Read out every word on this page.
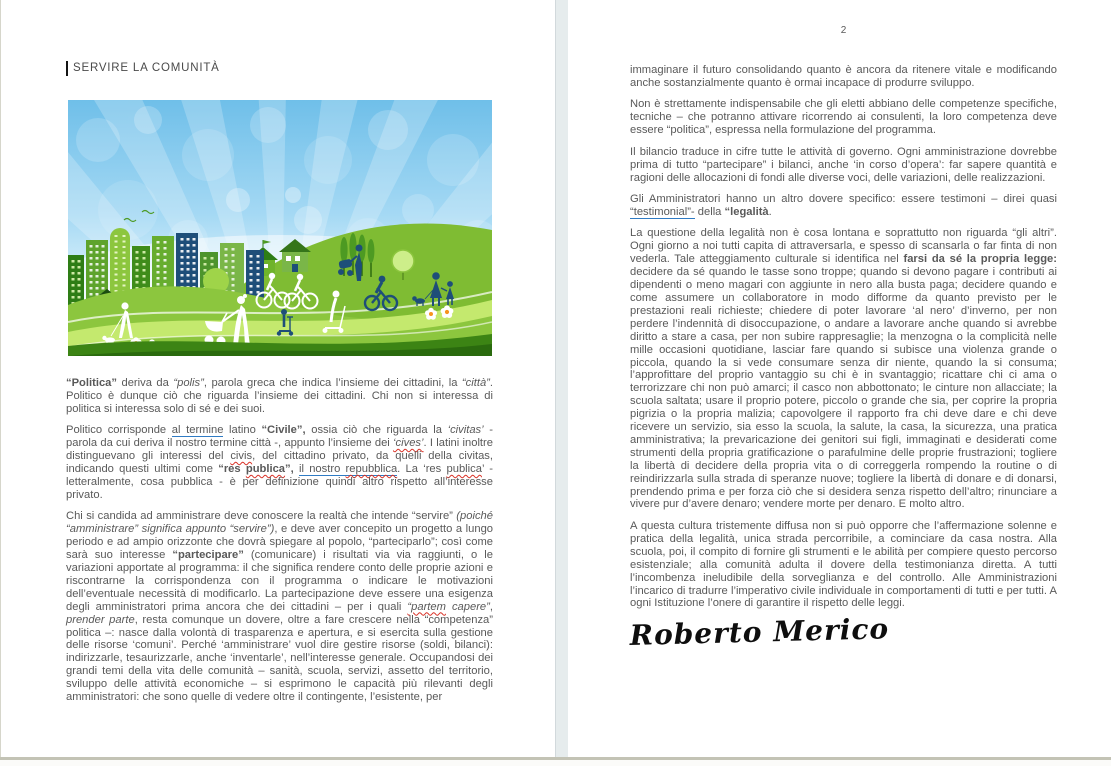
SERVIRE LA COMUNITÀ

“Politica” deriva da “polis”, parola greca che indica l’insieme dei cittadini, la “città”. Politico è dunque ciò che riguarda l’insieme dei cittadini. Chi non si interessa di politica si interessa solo di sé e dei suoi.

Politico corrisponde al termine latino “Civile”, ossia ciò che riguarda la ‘civitas’ - parola da cui deriva il nostro termine città -, appunto l’insieme dei ‘cives’. I latini inoltre distinguevano gli interessi del civis, del cittadino privato, da quelli della civitas, indicando questi ultimi come “res publica”, il nostro repubblica. La ‘res publica’ - letteralmente, cosa pubblica - è per definizione quindi altro rispetto all’interesse privato.

Chi si candida ad amministrare deve conoscere la realtà che intende “servire” (poiché “amministrare” significa appunto “servire”), e deve aver concepito un progetto a lungo periodo e ad ampio orizzonte che dovrà spiegare al popolo, “parteciparlo”; così come sarà suo interesse “partecipare” (comunicare) i risultati via via raggiunti, o le variazioni apportate al programma: il che significa rendere conto delle proprie azioni e riscontrarne la corrispondenza con il programma o indicare le motivazioni dell’eventuale necessità di modificarlo. La partecipazione deve essere una esigenza degli amministratori prima ancora che dei cittadini – per i quali “partem capere”, prender parte, resta comunque un dovere, oltre a fare crescere nella “competenza” politica –: nasce dalla volontà di trasparenza e apertura, e si esercita sulla gestione delle risorse ‘comuni’. Perché ‘amministrare’ vuol dire gestire risorse (soldi, bilanci): indirizzarle, tesaurizzarle, anche ‘inventarle’, nell’interesse generale. Occupandosi dei grandi temi della vita delle comunità – sanità, scuola, servizi, assetto del territorio, sviluppo delle attività economiche – si esprimono le capacità più rilevanti degli amministratori: che sono quelle di vedere oltre il contingente, l’esistente, per

2

immaginare il futuro consolidando quanto è ancora da ritenere vitale e modificando anche sostanzialmente quanto è ormai incapace di produrre sviluppo.

Non è strettamente indispensabile che gli eletti abbiano delle competenze specifiche, tecniche – che potranno attivare ricorrendo ai consulenti, la loro competenza deve essere “politica”, espressa nella formulazione del programma.

Il bilancio traduce in cifre tutte le attività di governo. Ogni amministrazione dovrebbe prima di tutto “partecipare” i bilanci, anche ‘in corso d’opera’: far sapere quantità e ragioni delle allocazioni di fondi alle diverse voci, delle variazioni, delle realizzazioni.

Gli Amministratori hanno un altro dovere specifico: essere testimoni – direi quasi “testimonial”- della “legalità.

La questione della legalità non è cosa lontana e soprattutto non riguarda “gli altri”. Ogni giorno a noi tutti capita di attraversarla, e spesso di scansarla o far finta di non vederla. Tale atteggiamento culturale si identifica nel farsi da sé la propria legge: decidere da sé quando le tasse sono troppe; quando si devono pagare i contributi ai dipendenti o meno magari con aggiunte in nero alla busta paga; decidere quando e come assumere un collaboratore in modo difforme da quanto previsto per le prestazioni reali richieste; chiedere di poter lavorare ‘al nero’ d’inverno, per non perdere l’indennità di disoccupazione, o andare a lavorare anche quando si avrebbe diritto a stare a casa, per non subire rappresaglie; la menzogna o la complicità nelle mille occasioni quotidiane, lasciar fare quando si subisce una violenza grande o piccola, quando la si vede consumare senza dir niente, quando la si consuma; l’approfittare del proprio vantaggio su chi è in svantaggio; ricattare chi ci ama o terrorizzare chi non può amarci; il casco non abbottonato; le cinture non allacciate; la scuola saltata; usare il proprio potere, piccolo o grande che sia, per coprire la propria pigrizia o la propria malizia; capovolgere il rapporto fra chi deve dare e chi deve ricevere un servizio, sia esso la scuola, la salute, la casa, la sicurezza, una pratica amministrativa; la prevaricazione dei genitori sui figli, immaginati e desiderati come strumenti della propria gratificazione o parafulmine delle proprie frustrazioni; togliere la libertà di decidere della propria vita o di correggerla rompendo la routine o di reindirizzarla sulla strada di speranze nuove; togliere la libertà di donare e di donarsi, prendendo prima e per forza ciò che si desidera senza rispetto dell’altro; rinunciare a vivere pur d’avere denaro; vendere morte per denaro. E molto altro.

A questa cultura tristemente diffusa non si può opporre che l’affermazione solenne e pratica della legalità, unica strada percorribile, a cominciare da casa nostra. Alla scuola, poi, il compito di fornire gli strumenti e le abilità per compiere questo percorso esistenziale; alla comunità adulta il dovere della testimonianza diretta. A tutti l’incombenza ineludibile della sorveglianza e del controllo. Alle Amministrazioni l’incarico di tradurre l’imperativo civile individuale in comportamenti di tutti e per tutti. A ogni Istituzione l’onere di garantire il rispetto delle leggi.

Roberto Merico
